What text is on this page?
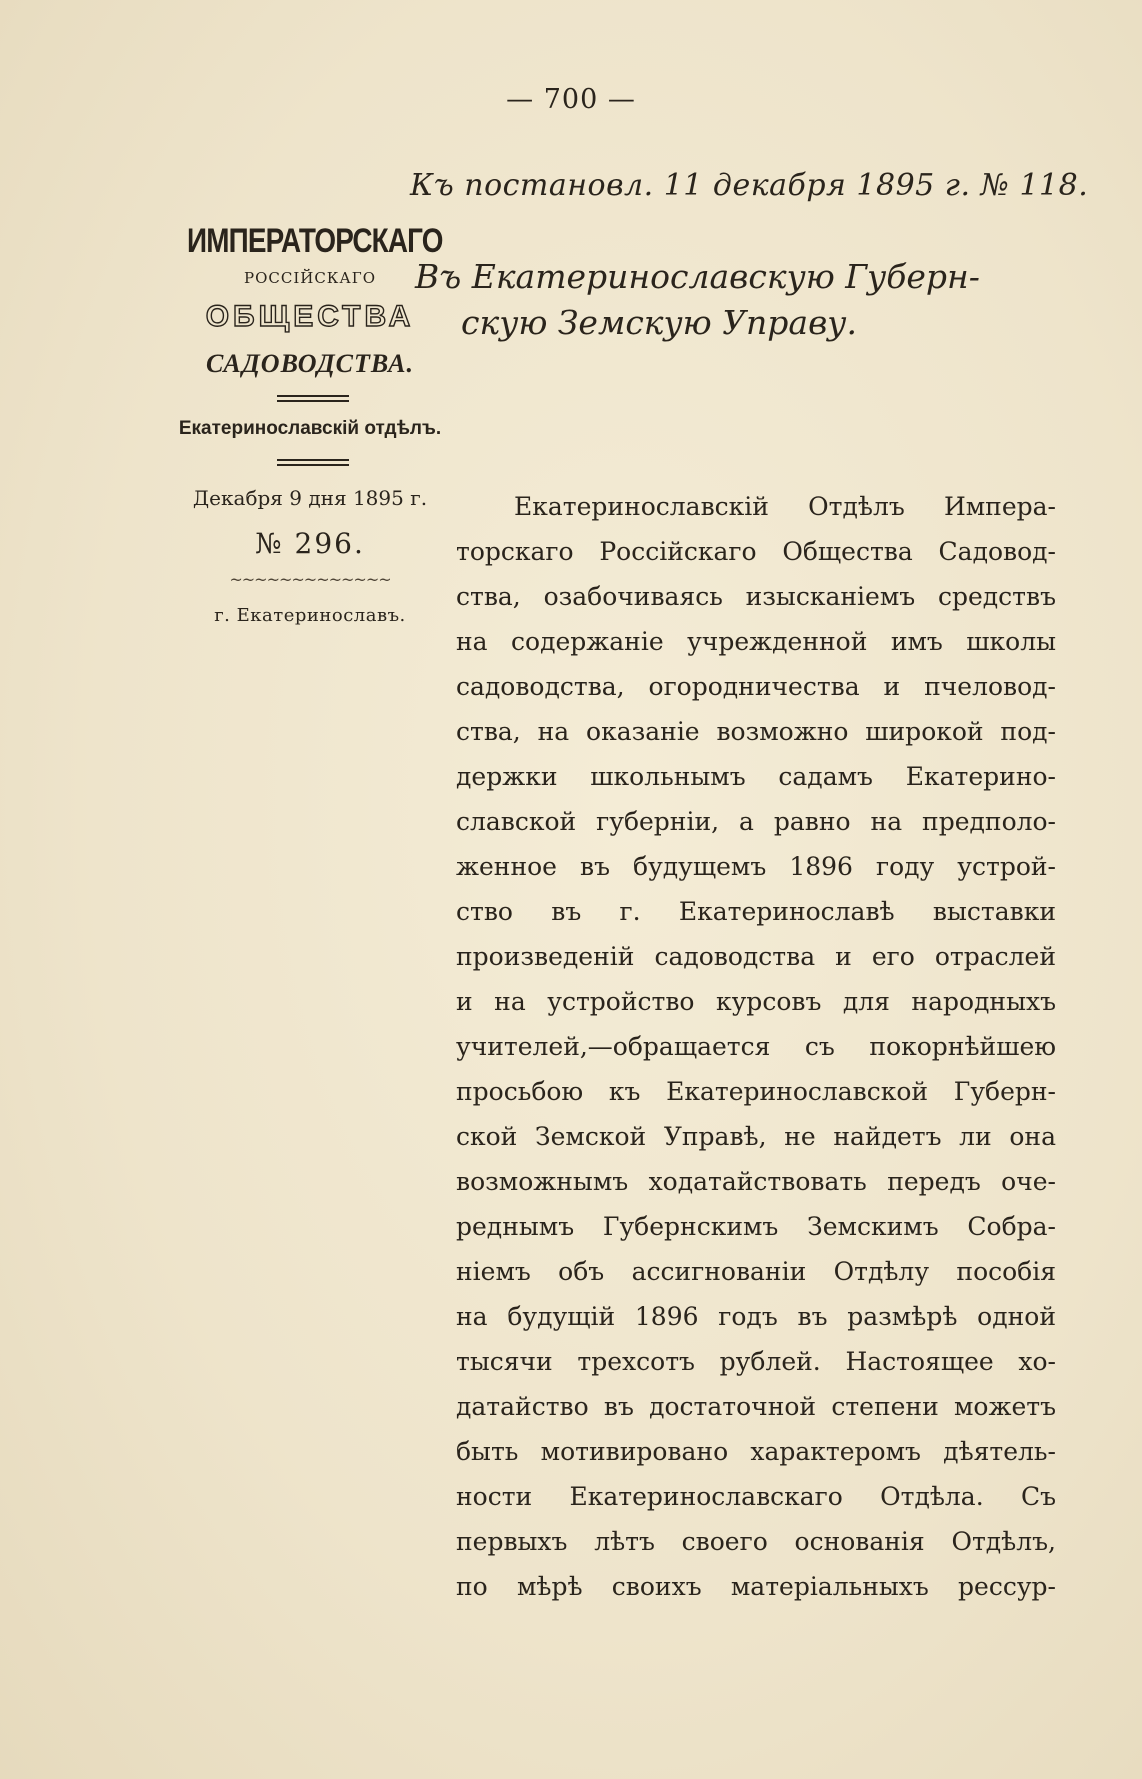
— 700 —
Къ постановл. 11 декабря 1895 г. № 118.
ИМПЕРАТОРСКАГО
РОССІЙСКАГО
ОБЩЕСТВА
САДОВОДСТВА.
Екатеринославскій отдѣлъ.
Декабря 9 дня 1895 г.
№ 296.
~~~~~~~~~~~~~
г. Екатеринославъ.
Въ Екатеринославскую Губерн-
скую Земскую Управу.
Екатеринославскій Отдѣлъ Импера-
торскаго Россійскаго Общества Садовод-
ства, озабочиваясь изысканіемъ средствъ
на содержаніе учрежденной имъ школы
садоводства, огородничества и пчеловод-
ства, на оказаніе возможно широкой под-
держки школьнымъ садамъ Екатерино-
славской губерніи, а равно на предполо-
женное въ будущемъ 1896 году устрой-
ство въ г. Екатеринославѣ выставки
произведеній садоводства и его отраслей
и на устройство курсовъ для народныхъ
учителей,—обращается съ покорнѣйшею
просьбою къ Екатеринославской Губерн-
ской Земской Управѣ, не найдетъ ли она
возможнымъ ходатайствовать передъ оче-
реднымъ Губернскимъ Земскимъ Собра-
ніемъ объ ассигнованіи Отдѣлу пособія
на будущій 1896 годъ въ размѣрѣ одной
тысячи трехсотъ рублей. Настоящее хо-
датайство въ достаточной степени можетъ
быть мотивировано характеромъ дѣятель-
ности Екатеринославскаго Отдѣла. Съ
первыхъ лѣтъ своего основанія Отдѣлъ,
по мѣрѣ своихъ матеріальныхъ рессур-
